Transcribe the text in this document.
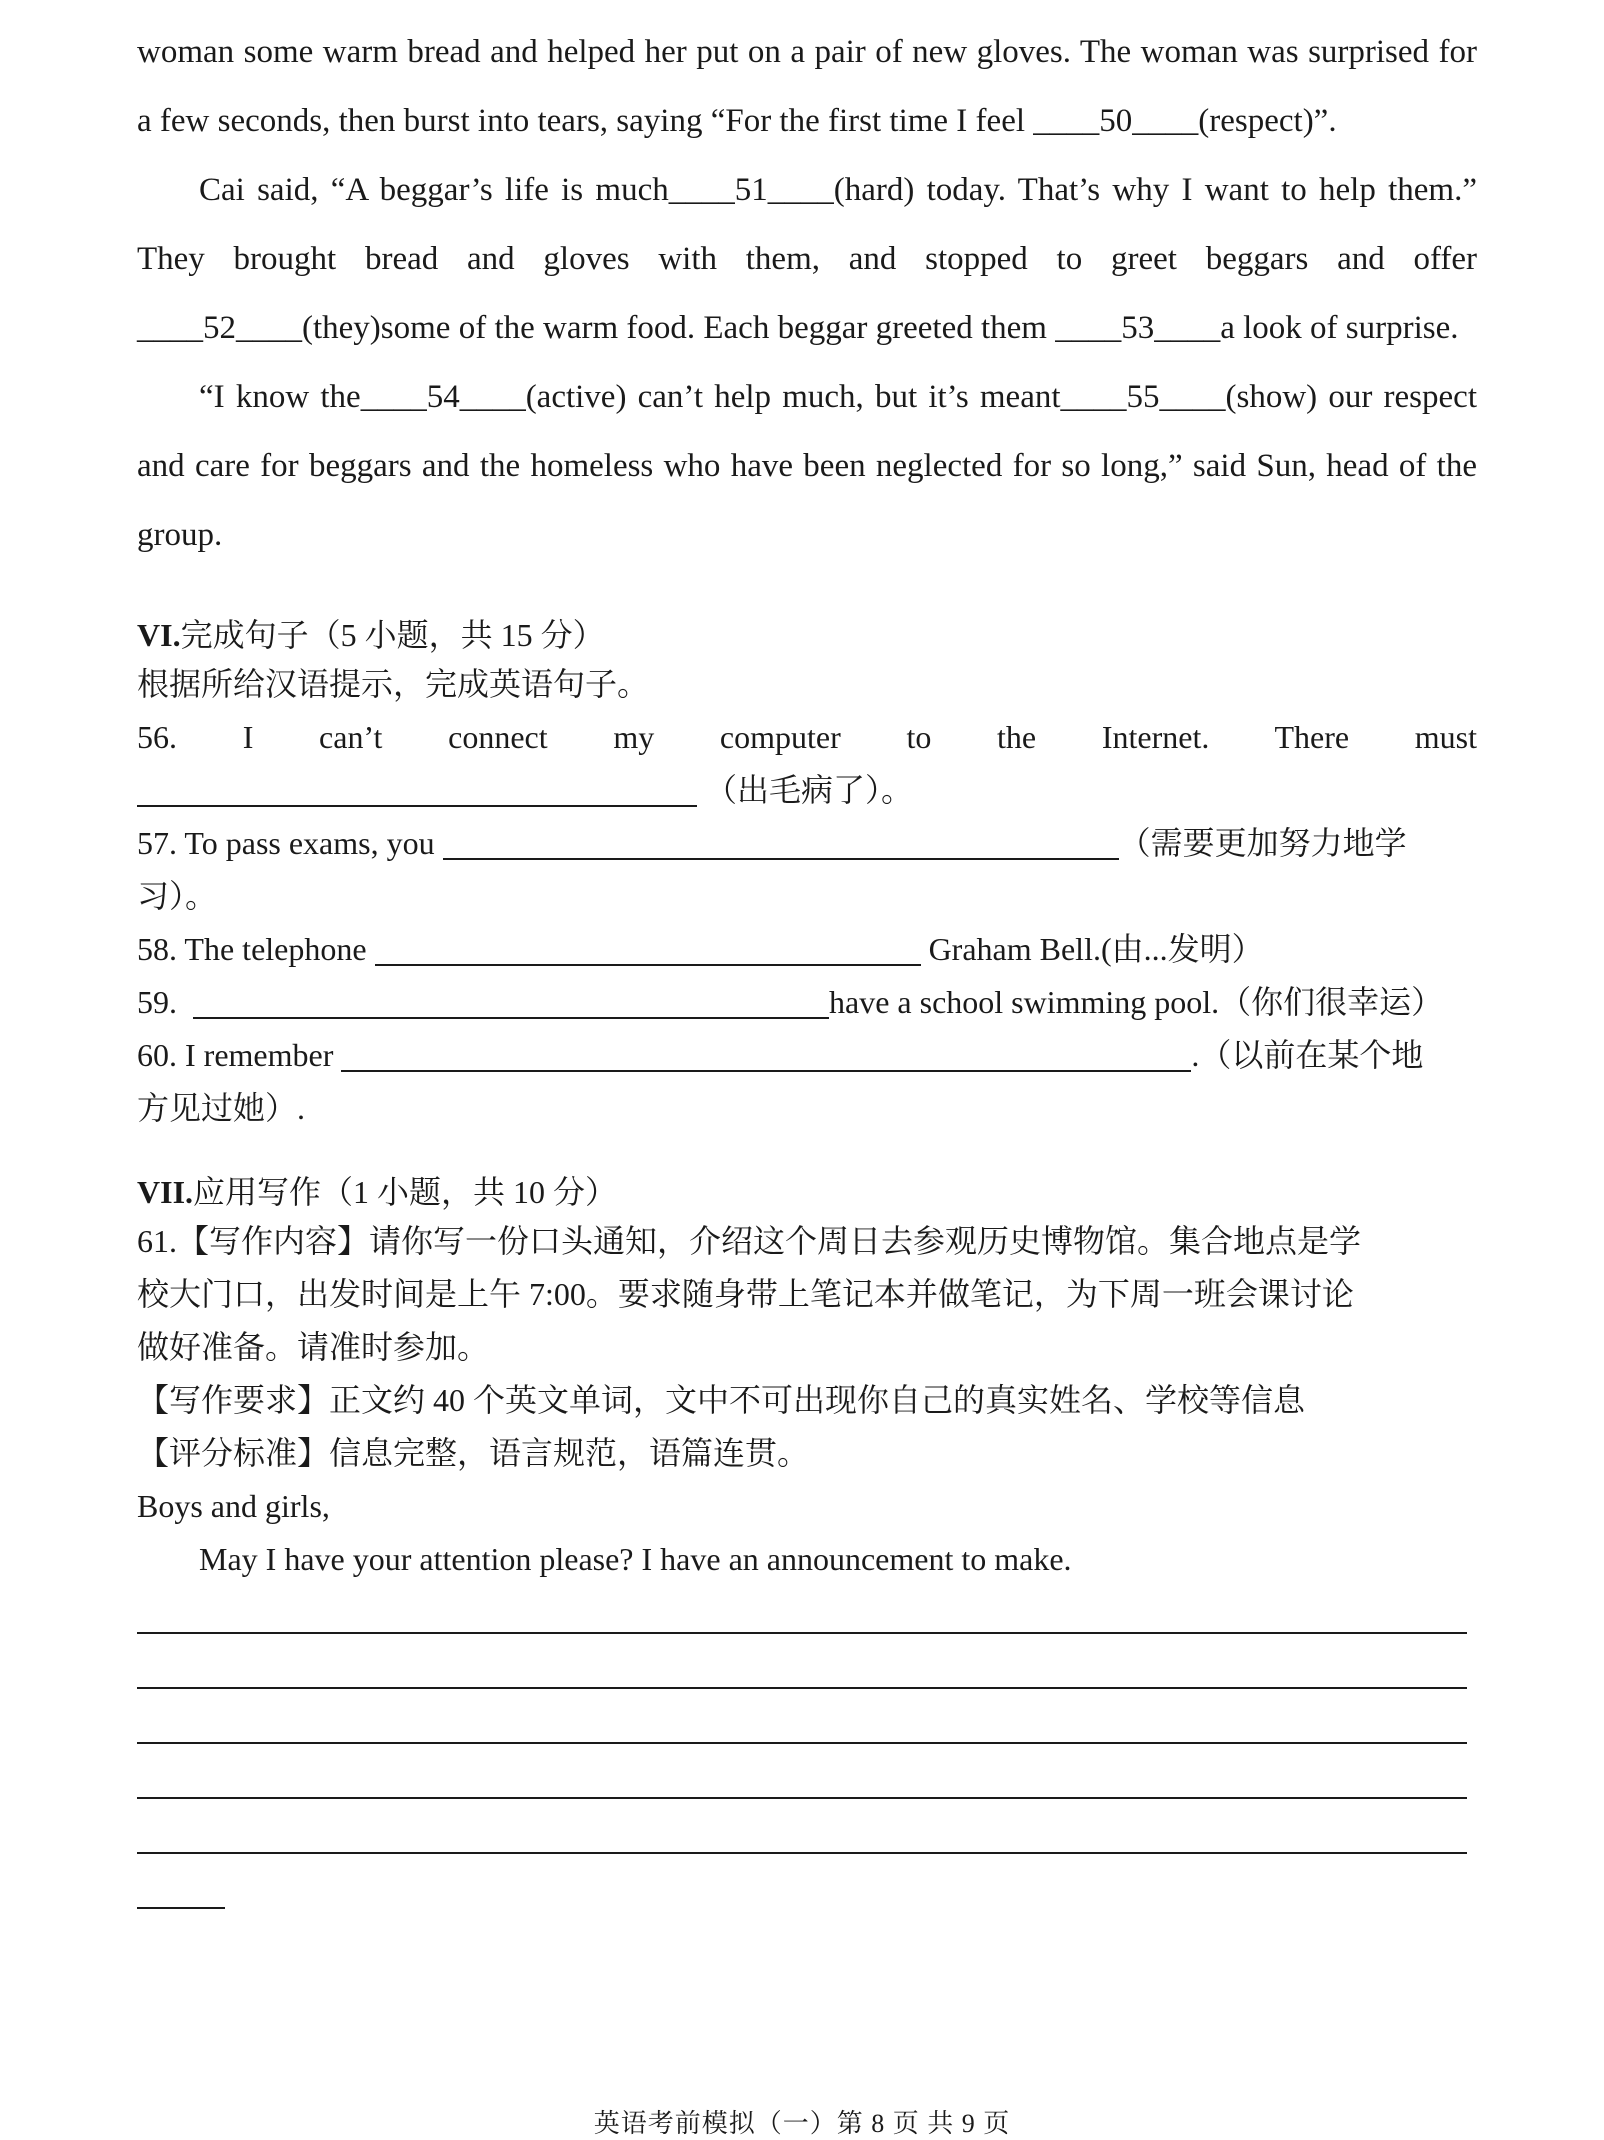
woman some warm bread and helped her put on a pair of new gloves. The woman was surprised for a few seconds, then burst into tears, saying “For the first time I feel ____50____(respect)”.

Cai said, “A beggar’s life is much____51____(hard) today. That’s why I want to help them.” They brought bread and gloves with them, and stopped to greet beggars and offer ____52____(they)some of the warm food. Each beggar greeted them ____53____a look of surprise.

“I know the____54____(active) can’t help much, but it’s meant____55____(show) our respect and care for beggars and the homeless who have been neglected for so long,” said Sun, head of the group.

VI.完成句子（5 小题，共 15 分）

根据所给汉语提示，完成英语句子。

56. I can’t connect my computer to the Internet. There must

（出毛病了）。

57. To pass exams, you	（需要更加努力地学

习）。

58. The telephone	Graham Bell.(由...发明）

59.	have a school swimming pool.（你们很幸运）

60. I remember	.（以前在某个地

方见过她）.

VII.应用写作（1 小题，共 10 分）

61.【写作内容】请你写一份口头通知，介绍这个周日去参观历史博物馆。集合地点是学

校大门口，出发时间是上午 7:00。要求随身带上笔记本并做笔记，为下周一班会课讨论

做好准备。请准时参加。

【写作要求】正文约 40 个英文单词，文中不可出现你自己的真实姓名、学校等信息

【评分标准】信息完整，语言规范，语篇连贯。

Boys and girls,

May I have your attention please? I have an announcement to make.

英语考前模拟（一）第 8 页 共 9 页
